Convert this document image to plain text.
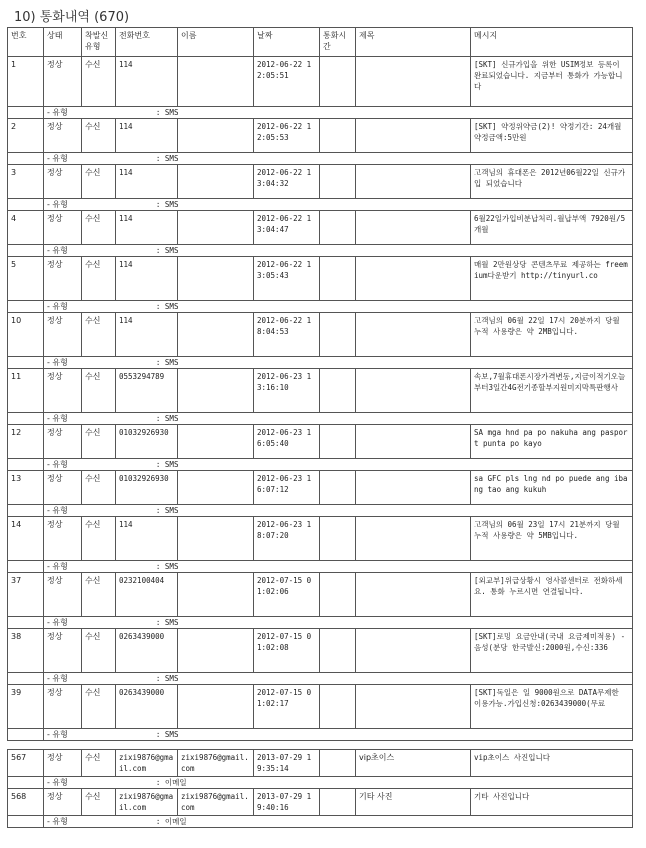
10) 통화내역 (670)
번호	상태	착발신 유형	전화번호	이름	날짜	통화시간	제목	메시지
1	정상	수신	114		2012-06-22 1 2:05:51			[SKT] 신규가입을 위한 USIM정보 등록이 완료되었습니다. 지금부터 통화가 가능합니다
	- 유형 : SMS							
2	정상	수신	114		2012-06-22 1 2:05:53			[SKT] 약정위약금(2)! 약정기간: 24개월 약정금액:5만원
	- 유형 : SMS							
3	정상	수신	114		2012-06-22 1 3:04:32			고객님의 휴대폰은 2012년06월22일 신규가입 되었습니다
	- 유형 : SMS							
4	정상	수신	114		2012-06-22 1 3:04:47			6월22일가입비분납처리.월납부액 7920원/5개월
	- 유형 : SMS							
5	정상	수신	114		2012-06-22 1 3:05:43			매월 2만원상당 콘텐츠무료 제공하는 freemium다운받기 http://tinyurl.co
	- 유형 : SMS							
10	정상	수신	114		2012-06-22 1 8:04:53			고객님의 06월 22일 17시 20분까지 당월 누적 사용량은 약 2MB입니다.
	- 유형 : SMS							
11	정상	수신	0553294789		2012-06-23 1 3:16:10			속보,7월휴대폰시장가격변동,지금이적기오늘부터3일간4G전기종할부지원미지막특판행사
	- 유형 : SMS							
12	정상	수신	01032926930		2012-06-23 1 6:05:40			SA mga hnd pa po nakuha ang pasport punta po kayo
	- 유형 : SMS							
13	정상	수신	01032926930		2012-06-23 1 6:07:12			sa GFC pls lng nd po puede ang ibang tao ang kukuh
	- 유형 : SMS							
14	정상	수신	114		2012-06-23 1 8:07:20			고객님의 06월 23일 17시 21분까지 당월 누적 사용량은 약 5MB입니다.
	- 유형 : SMS							
37	정상	수신	0232100404		2012-07-15 0 1:02:06			[외교부]위급상황시 영사콜센터로 전화하세요. 통화 누르시면 연결됩니다.
	- 유형 : SMS							
38	정상	수신	0263439000		2012-07-15 0 1:02:08			[SKT]로밍 요금안내(국내 요금제미적용) - 음성(분당 한국발신:2000원,수신:336
	- 유형 : SMS							
39	정상	수신	0263439000		2012-07-15 0 1:02:17			[SKT]독일은 일 9000원으로 DATA무제한 이용가능.가입신청:0263439000(무료
	- 유형 : SMS							
567	정상	수신	zixi9876@gmail.com	zixi9876@gmail.com	2013-07-29 1 9:35:14		vip초이스	vip초이스 사진입니다
	- 유형 : 이메일							
568	정상	수신	zixi9876@gmail.com	zixi9876@gmail.com	2013-07-29 1 9:40:16		기타 사진	기타 사진입니다
	- 유형 : 이메일							
